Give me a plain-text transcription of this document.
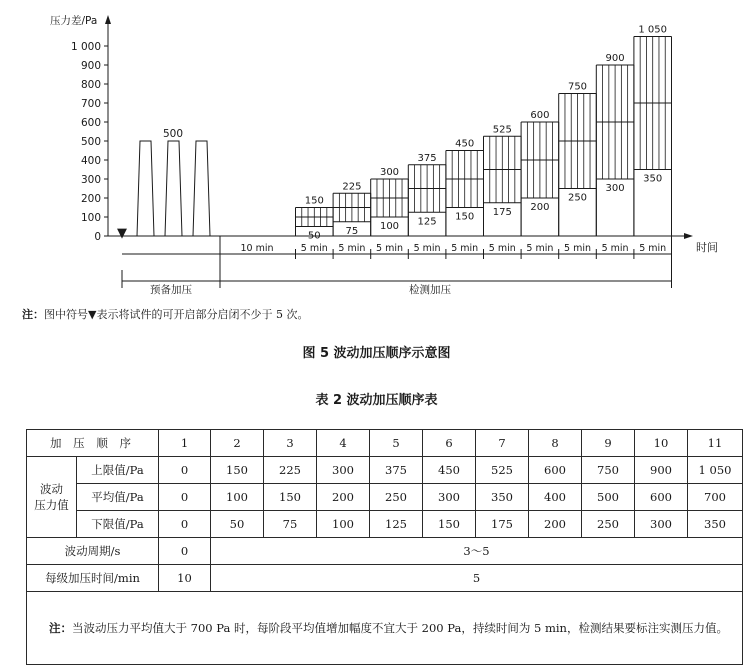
压力差/Pa
时间
0
100
200
300
400
500
600
700
800
900
1 000
500
▼
150
50
225
75
300
100
375
125
450
150
525
175
600
200
750
250
900
300
1 050
350
10 min	5 min 5 min 5 min 5 min 5 min 5 min 5 min 5 min 5 min 5 min
预备加压	检测加压
注：图中符号▼表示将试件的可开启部分启闭不少于 5 次。
图 5 波动加压顺序示意图
表 2 波动加压顺序表
加 压 顺 序		1	2	3	4	5	6	7	8	9	10	11
波动
压力值	上限值/Pa	0	150	225	300	375	450	525	600	750	900	1 050
	平均值/Pa	0	100	150	200	250	300	350	400	500	600	700
	下限值/Pa	0	50	75	100	125	150	175	200	250	300	350
波动周期/s		0	3～5									
每级加压时间/min		10	5									
注：当波动压力平均值大于 700 Pa 时，每阶段平均值增加幅度不宜大于 200 Pa，持续时间为 5 min，检测结果要标注实测压力值。												
